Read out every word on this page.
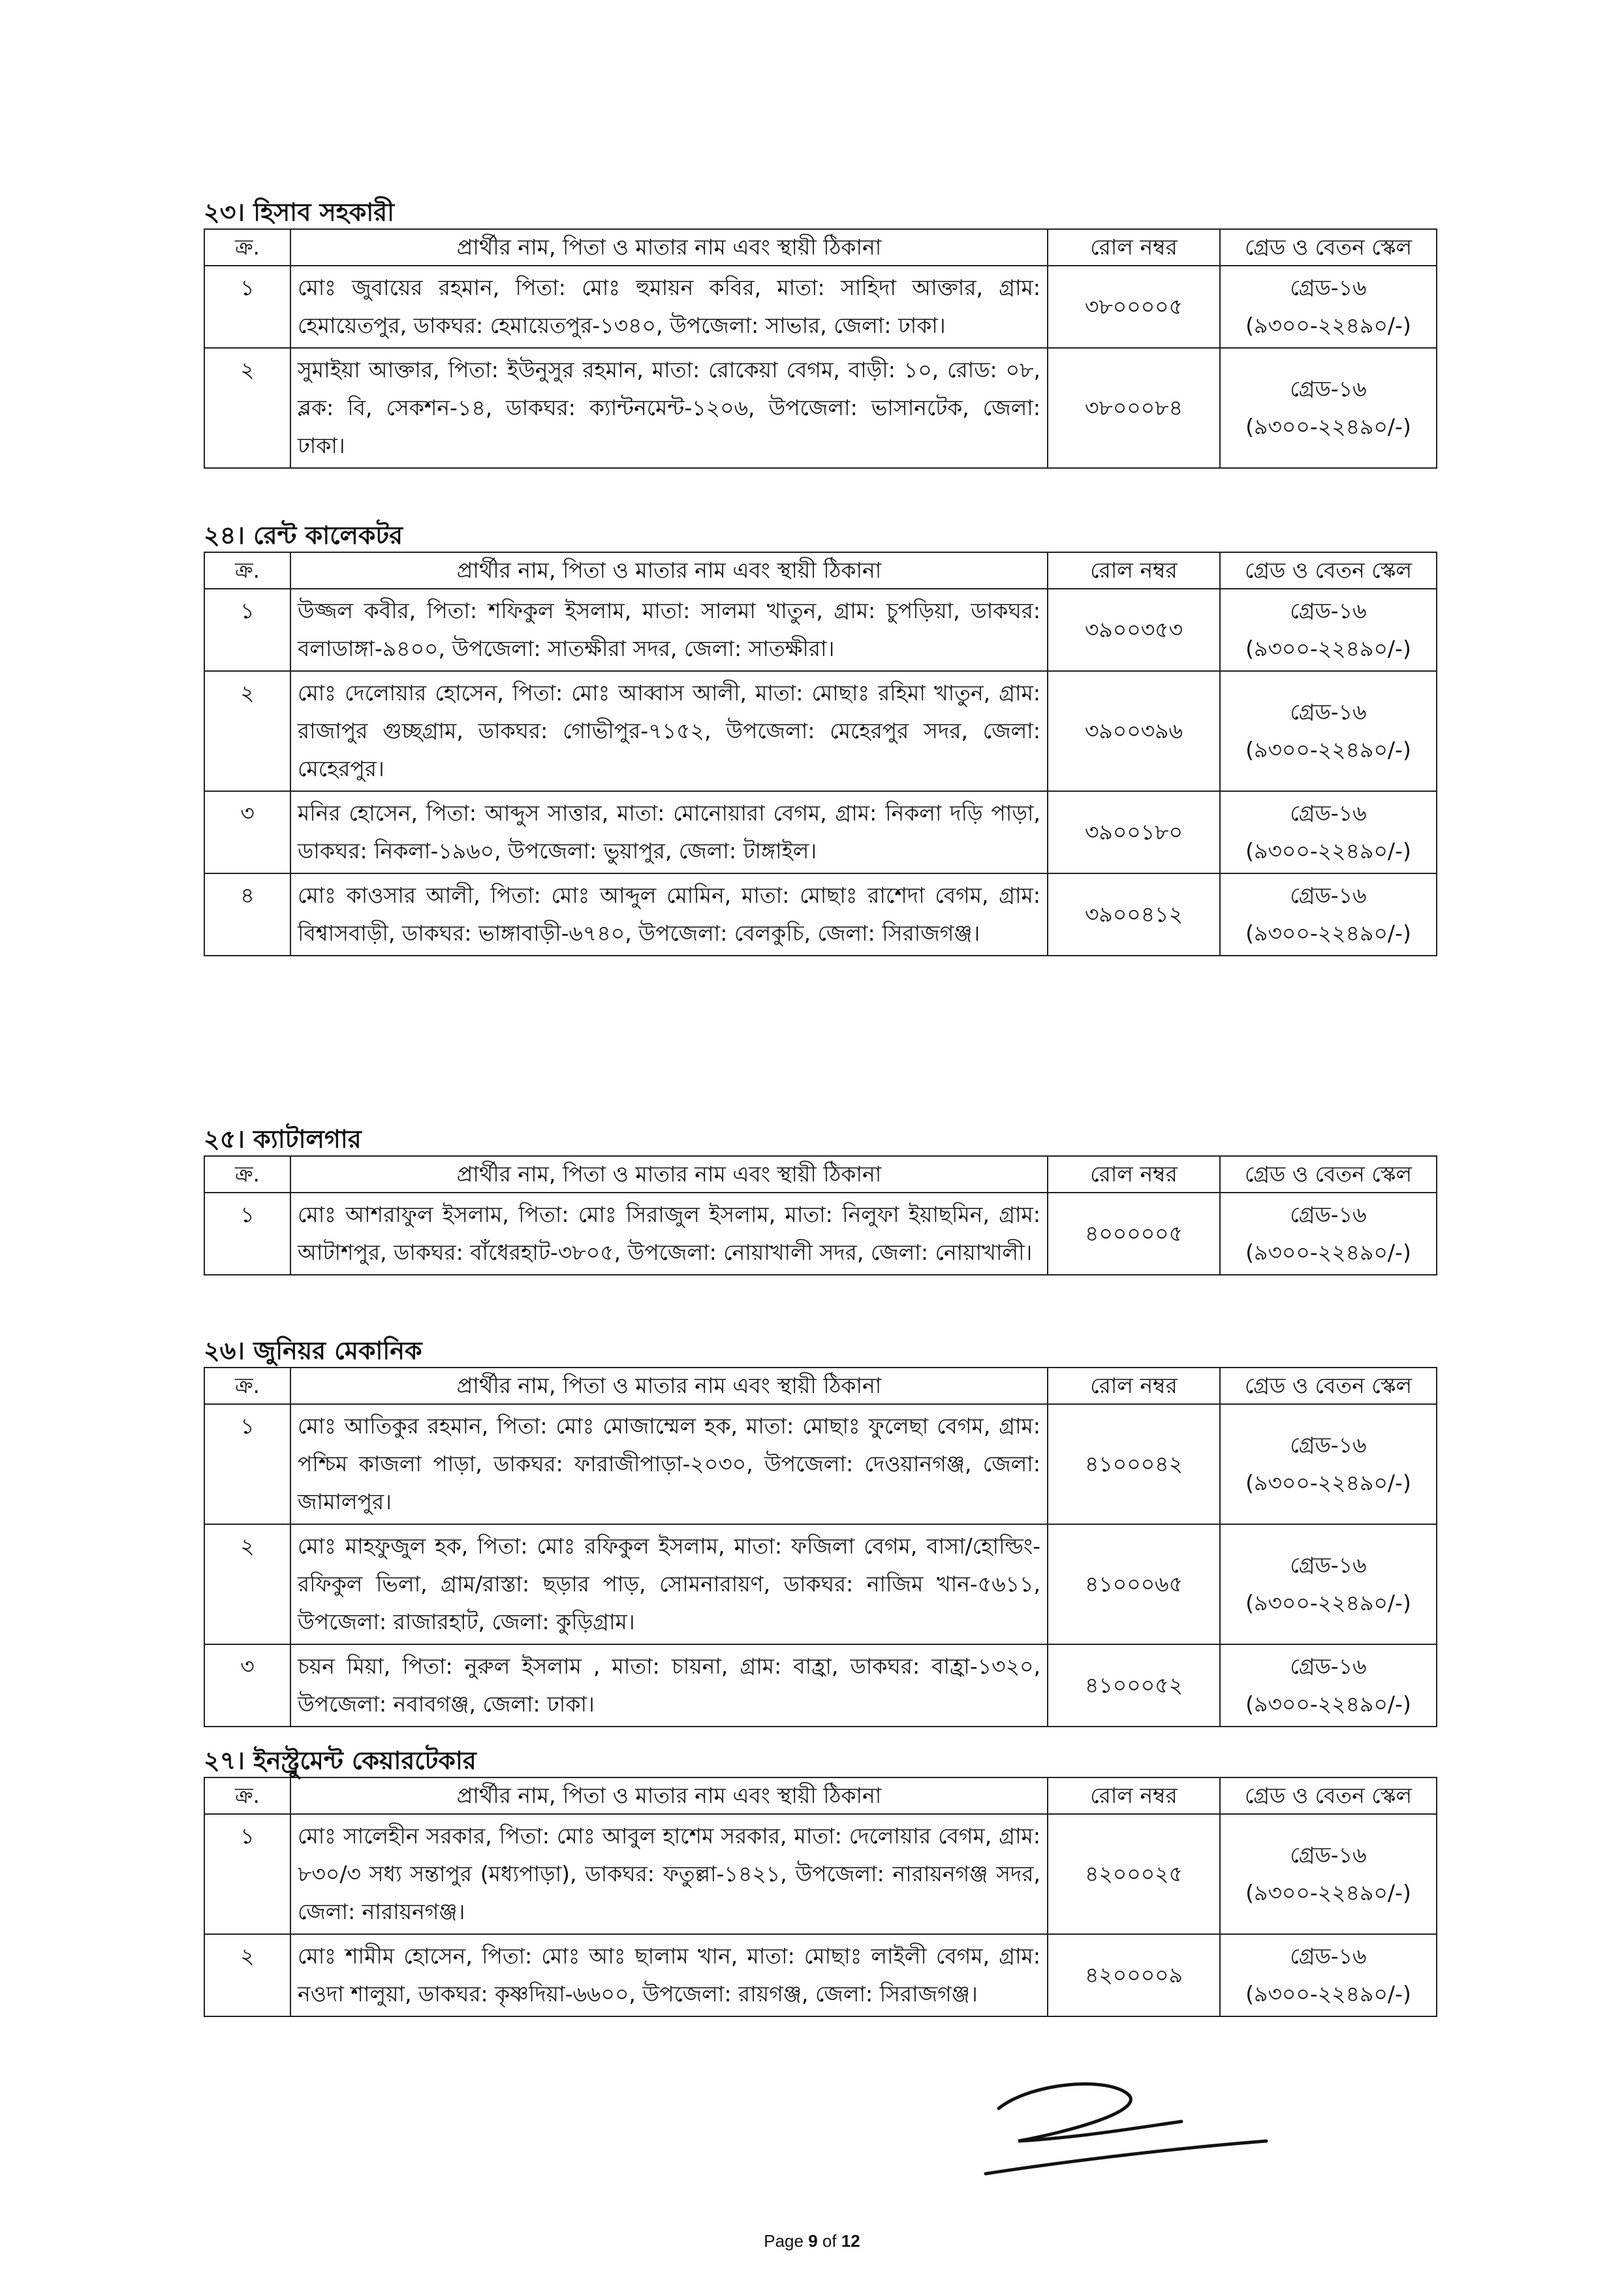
২৩। হিসাব সহকারী
ক্র.	প্রার্থীর নাম, পিতা ও মাতার নাম এবং স্থায়ী ঠিকানা	রোল নম্বর	গ্রেড ও বেতন স্কেল
১	মোঃ জুবায়ের রহমান, পিতা: মোঃ হুমায়ন কবির, মাতা: সাহিদা আক্তার, গ্রাম: হেমায়েতপুর, ডাকঘর: হেমায়েতপুর-১৩৪০, উপজেলা: সাভার, জেলা: ঢাকা।	৩৮০০০০৫	গ্রেড-১৬
(৯৩০০-২২৪৯০/-)

২	সুমাইয়া আক্তার, পিতা: ইউনুসুর রহমান, মাতা: রোকেয়া বেগম, বাড়ী: ১০, রোড: ০৮, ব্লক: বি, সেকশন-১৪, ডাকঘর: ক্যান্টনমেন্ট-১২০৬, উপজেলা: ভাসানটেক, জেলা: ঢাকা।	৩৮০০০৮৪	গ্রেড-১৬
(৯৩০০-২২৪৯০/-)
২৪। রেন্ট কালেকটর
ক্র.	প্রার্থীর নাম, পিতা ও মাতার নাম এবং স্থায়ী ঠিকানা	রোল নম্বর	গ্রেড ও বেতন স্কেল
১	উজ্জল কবীর, পিতা: শফিকুল ইসলাম, মাতা: সালমা খাতুন, গ্রাম: চুপড়িয়া, ডাকঘর: বলাডাঙ্গা-৯৪০০, উপজেলা: সাতক্ষীরা সদর, জেলা: সাতক্ষীরা।	৩৯০০৩৫৩	গ্রেড-১৬
(৯৩০০-২২৪৯০/-)

২	মোঃ দেলোয়ার হোসেন, পিতা: মোঃ আব্বাস আলী, মাতা: মোছাঃ রহিমা খাতুন, গ্রাম: রাজাপুর গুচ্ছগ্রাম, ডাকঘর: গোভীপুর-৭১৫২, উপজেলা: মেহেরপুর সদর, জেলা: মেহেরপুর।	৩৯০০৩৯৬	গ্রেড-১৬
(৯৩০০-২২৪৯০/-)

৩	মনির হোসেন, পিতা: আব্দুস সাত্তার, মাতা: মোনোয়ারা বেগম, গ্রাম: নিকলা দড়ি পাড়া, ডাকঘর: নিকলা-১৯৬০, উপজেলা: ভুয়াপুর, জেলা: টাঙ্গাইল।	৩৯০০১৮০	গ্রেড-১৬
(৯৩০০-২২৪৯০/-)

৪	মোঃ কাওসার আলী, পিতা: মোঃ আব্দুল মোমিন, মাতা: মোছাঃ রাশেদা বেগম, গ্রাম: বিশ্বাসবাড়ী, ডাকঘর: ভাঙ্গাবাড়ী-৬৭৪০, উপজেলা: বেলকুচি, জেলা: সিরাজগঞ্জ।	৩৯০০৪১২	গ্রেড-১৬
(৯৩০০-২২৪৯০/-)
২৫। ক্যাটালগার
ক্র.	প্রার্থীর নাম, পিতা ও মাতার নাম এবং স্থায়ী ঠিকানা	রোল নম্বর	গ্রেড ও বেতন স্কেল
১	মোঃ আশরাফুল ইসলাম, পিতা: মোঃ সিরাজুল ইসলাম, মাতা: নিলুফা ইয়াছমিন, গ্রাম: আটাশপুর, ডাকঘর: বাঁধেরহাট-৩৮০৫, উপজেলা: নোয়াখালী সদর, জেলা: নোয়াখালী।	৪০০০০০৫	গ্রেড-১৬
(৯৩০০-২২৪৯০/-)
২৬। জুনিয়র মেকানিক
ক্র.	প্রার্থীর নাম, পিতা ও মাতার নাম এবং স্থায়ী ঠিকানা	রোল নম্বর	গ্রেড ও বেতন স্কেল
১	মোঃ আতিকুর রহমান, পিতা: মোঃ মোজাম্মেল হক, মাতা: মোছাঃ ফুলেছা বেগম, গ্রাম: পশ্চিম কাজলা পাড়া, ডাকঘর: ফারাজীপাড়া-২০৩০, উপজেলা: দেওয়ানগঞ্জ, জেলা: জামালপুর।	৪১০০০৪২	গ্রেড-১৬
(৯৩০০-২২৪৯০/-)

২	মোঃ মাহফুজুল হক, পিতা: মোঃ রফিকুল ইসলাম, মাতা: ফজিলা বেগম, বাসা/হোল্ডিং-রফিকুল ভিলা, গ্রাম/রাস্তা: ছড়ার পাড়, সোমনারায়ণ, ডাকঘর: নাজিম খান-৫৬১১, উপজেলা: রাজারহাট, জেলা: কুড়িগ্রাম।	৪১০০০৬৫	গ্রেড-১৬
(৯৩০০-২২৪৯০/-)

৩	চয়ন মিয়া, পিতা: নুরুল ইসলাম , মাতা: চায়না, গ্রাম: বাহ্রা, ডাকঘর: বাহ্রা-১৩২০, উপজেলা: নবাবগঞ্জ, জেলা: ঢাকা।	৪১০০০৫২	গ্রেড-১৬
(৯৩০০-২২৪৯০/-)
২৭। ইনস্ট্রুমেন্ট কেয়ারটেকার
ক্র.	প্রার্থীর নাম, পিতা ও মাতার নাম এবং স্থায়ী ঠিকানা	রোল নম্বর	গ্রেড ও বেতন স্কেল
১	মোঃ সালেহীন সরকার, পিতা: মোঃ আবুল হাশেম সরকার, মাতা: দেলোয়ার বেগম, গ্রাম: ৮৩০/৩ সধ্য সন্তাপুর (মধ্যপাড়া), ডাকঘর: ফতুল্লা-১৪২১, উপজেলা: নারায়নগঞ্জ সদর, জেলা: নারায়নগঞ্জ।	৪২০০০২৫	গ্রেড-১৬
(৯৩০০-২২৪৯০/-)

২	মোঃ শামীম হোসেন, পিতা: মোঃ আঃ ছালাম খান, মাতা: মোছাঃ লাইলী বেগম, গ্রাম: নওদা শালুয়া, ডাকঘর: কৃষ্ণদিয়া-৬৬০০, উপজেলা: রায়গঞ্জ, জেলা: সিরাজগঞ্জ।	৪২০০০০৯	গ্রেড-১৬
(৯৩০০-২২৪৯০/-)
Page 9 of 12
